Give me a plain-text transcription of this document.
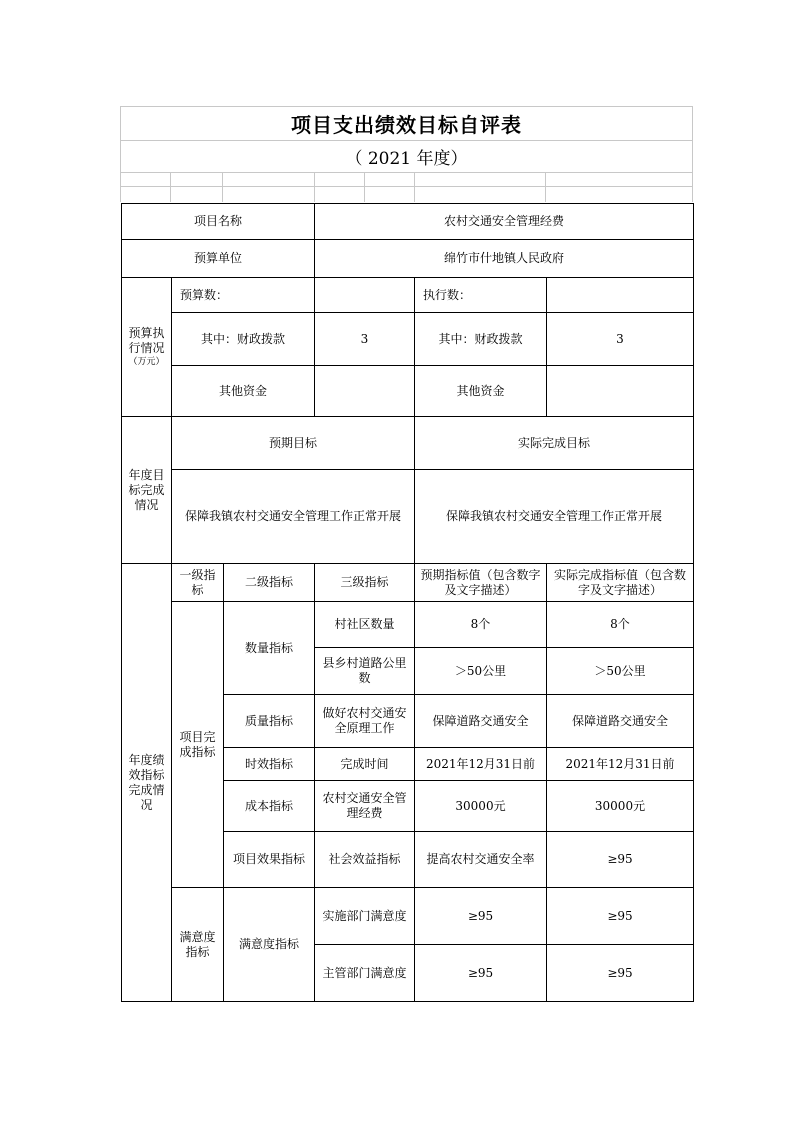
项目支出绩效目标自评表
（ 2021 年度）
项目名称			农村交通安全管理经费			
预算单位			绵竹市什地镇人民政府			
预算执行情况
（万元）	预算数：			执行数：		
	其中：财政拨款		3	其中：财政拨款	3	
	其他资金			其他资金		
年度目标完成情况	预期目标			实际完成目标		
	保障我镇农村交通安全管理工作正常开展			保障我镇农村交通安全管理工作正常开展		
年度绩效指标完成情况	一级指标	二级指标	三级指标	预期指标值（包含数字及文字描述）	实际完成指标值（包含数字及文字描述）	
	项目完成指标	数量指标	村社区数量	8个	8个	
			县乡村道路公里数	＞50公里	＞50公里	
		质量指标	做好农村交通安全原理工作	保障道路交通安全	保障道路交通安全	
		时效指标	完成时间	2021年12月31日前	2021年12月31日前	
		成本指标	农村交通安全管理经费	30000元	30000元	
		项目效果指标	社会效益指标	提高农村交通安全率	≥95	
	满意度指标	满意度指标	实施部门满意度	≥95	≥95	
			主管部门满意度	≥95	≥95	
